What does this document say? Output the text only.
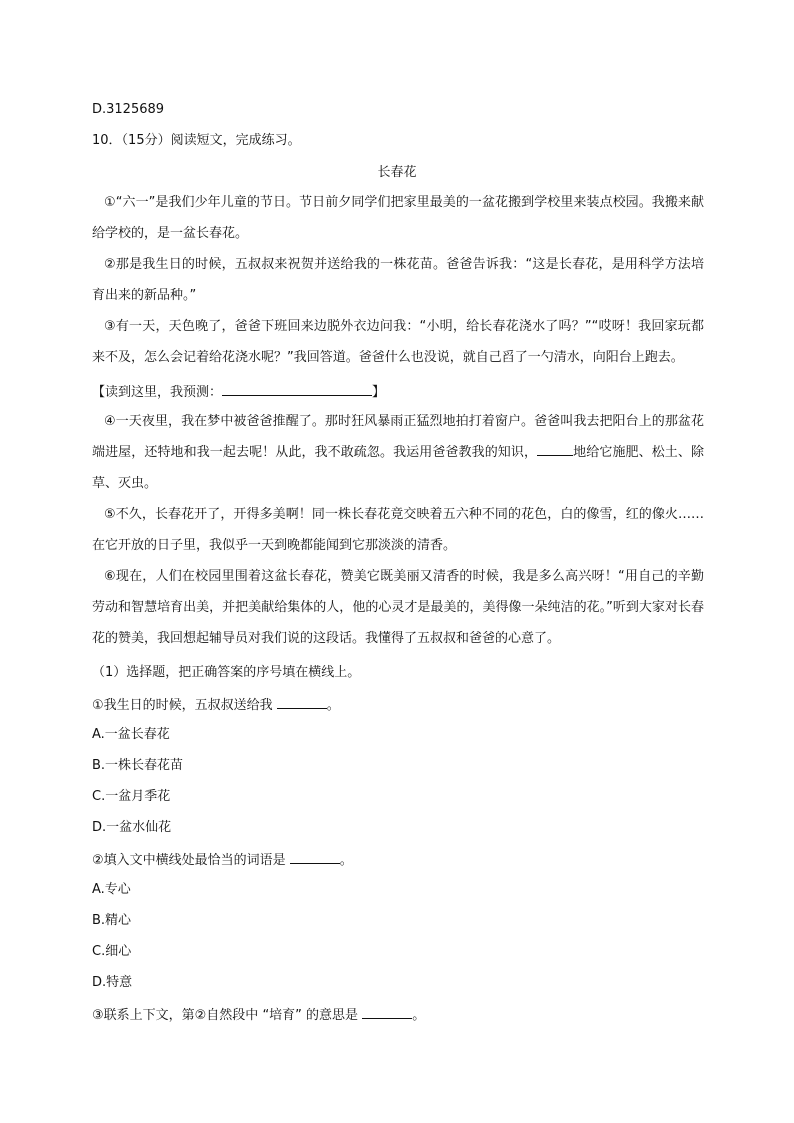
D.3125689
10．（15分）阅读短文，完成练习。
长春花
①“六一”是我们少年儿童的节日。节日前夕同学们把家里最美的一盆花搬到学校里来装点校园。我搬来献给学校的，是一盆长春花。
②那是我生日的时候，五叔叔来祝贺并送给我的一株花苗。爸爸告诉我：“这是长春花，是用科学方法培育出来的新品种。”
③有一天，天色晚了，爸爸下班回来边脱外衣边问我：“小明，给长春花浇水了吗？”“哎呀！我回家玩都来不及，怎么会记着给花浇水呢？”我回答道。爸爸什么也没说，就自己舀了一勺清水，向阳台上跑去。
【读到这里，我预测：	】
④一天夜里，我在梦中被爸爸推醒了。那时狂风暴雨正猛烈地拍打着窗户。爸爸叫我去把阳台上的那盆花端进屋，还特地和我一起去呢！从此，我不敢疏忽。我运用爸爸教我的知识，	地给它施肥、松土、除草、灭虫。
⑤不久，长春花开了，开得多美啊！同一株长春花竟交映着五六种不同的花色，白的像雪，红的像火……在它开放的日子里，我似乎一天到晚都能闻到它那淡淡的清香。
⑥现在，人们在校园里围着这盆长春花，赞美它既美丽又清香的时候，我是多么高兴呀！“用自己的辛勤劳动和智慧培育出美，并把美献给集体的人，他的心灵才是最美的，美得像一朵纯洁的花。”听到大家对长春花的赞美，我回想起辅导员对我们说的这段话。我懂得了五叔叔和爸爸的心意了。
（1）选择题，把正确答案的序号填在横线上。
①我生日的时候，五叔叔送给我	。
A.一盆长春花
B.一株长春花苗
C.一盆月季花
D.一盆水仙花
②填入文中横线处最恰当的词语是	。
A.专心
B.精心
C.细心
D.特意
③联系上下文，第②自然段中 “培育” 的意思是	。
